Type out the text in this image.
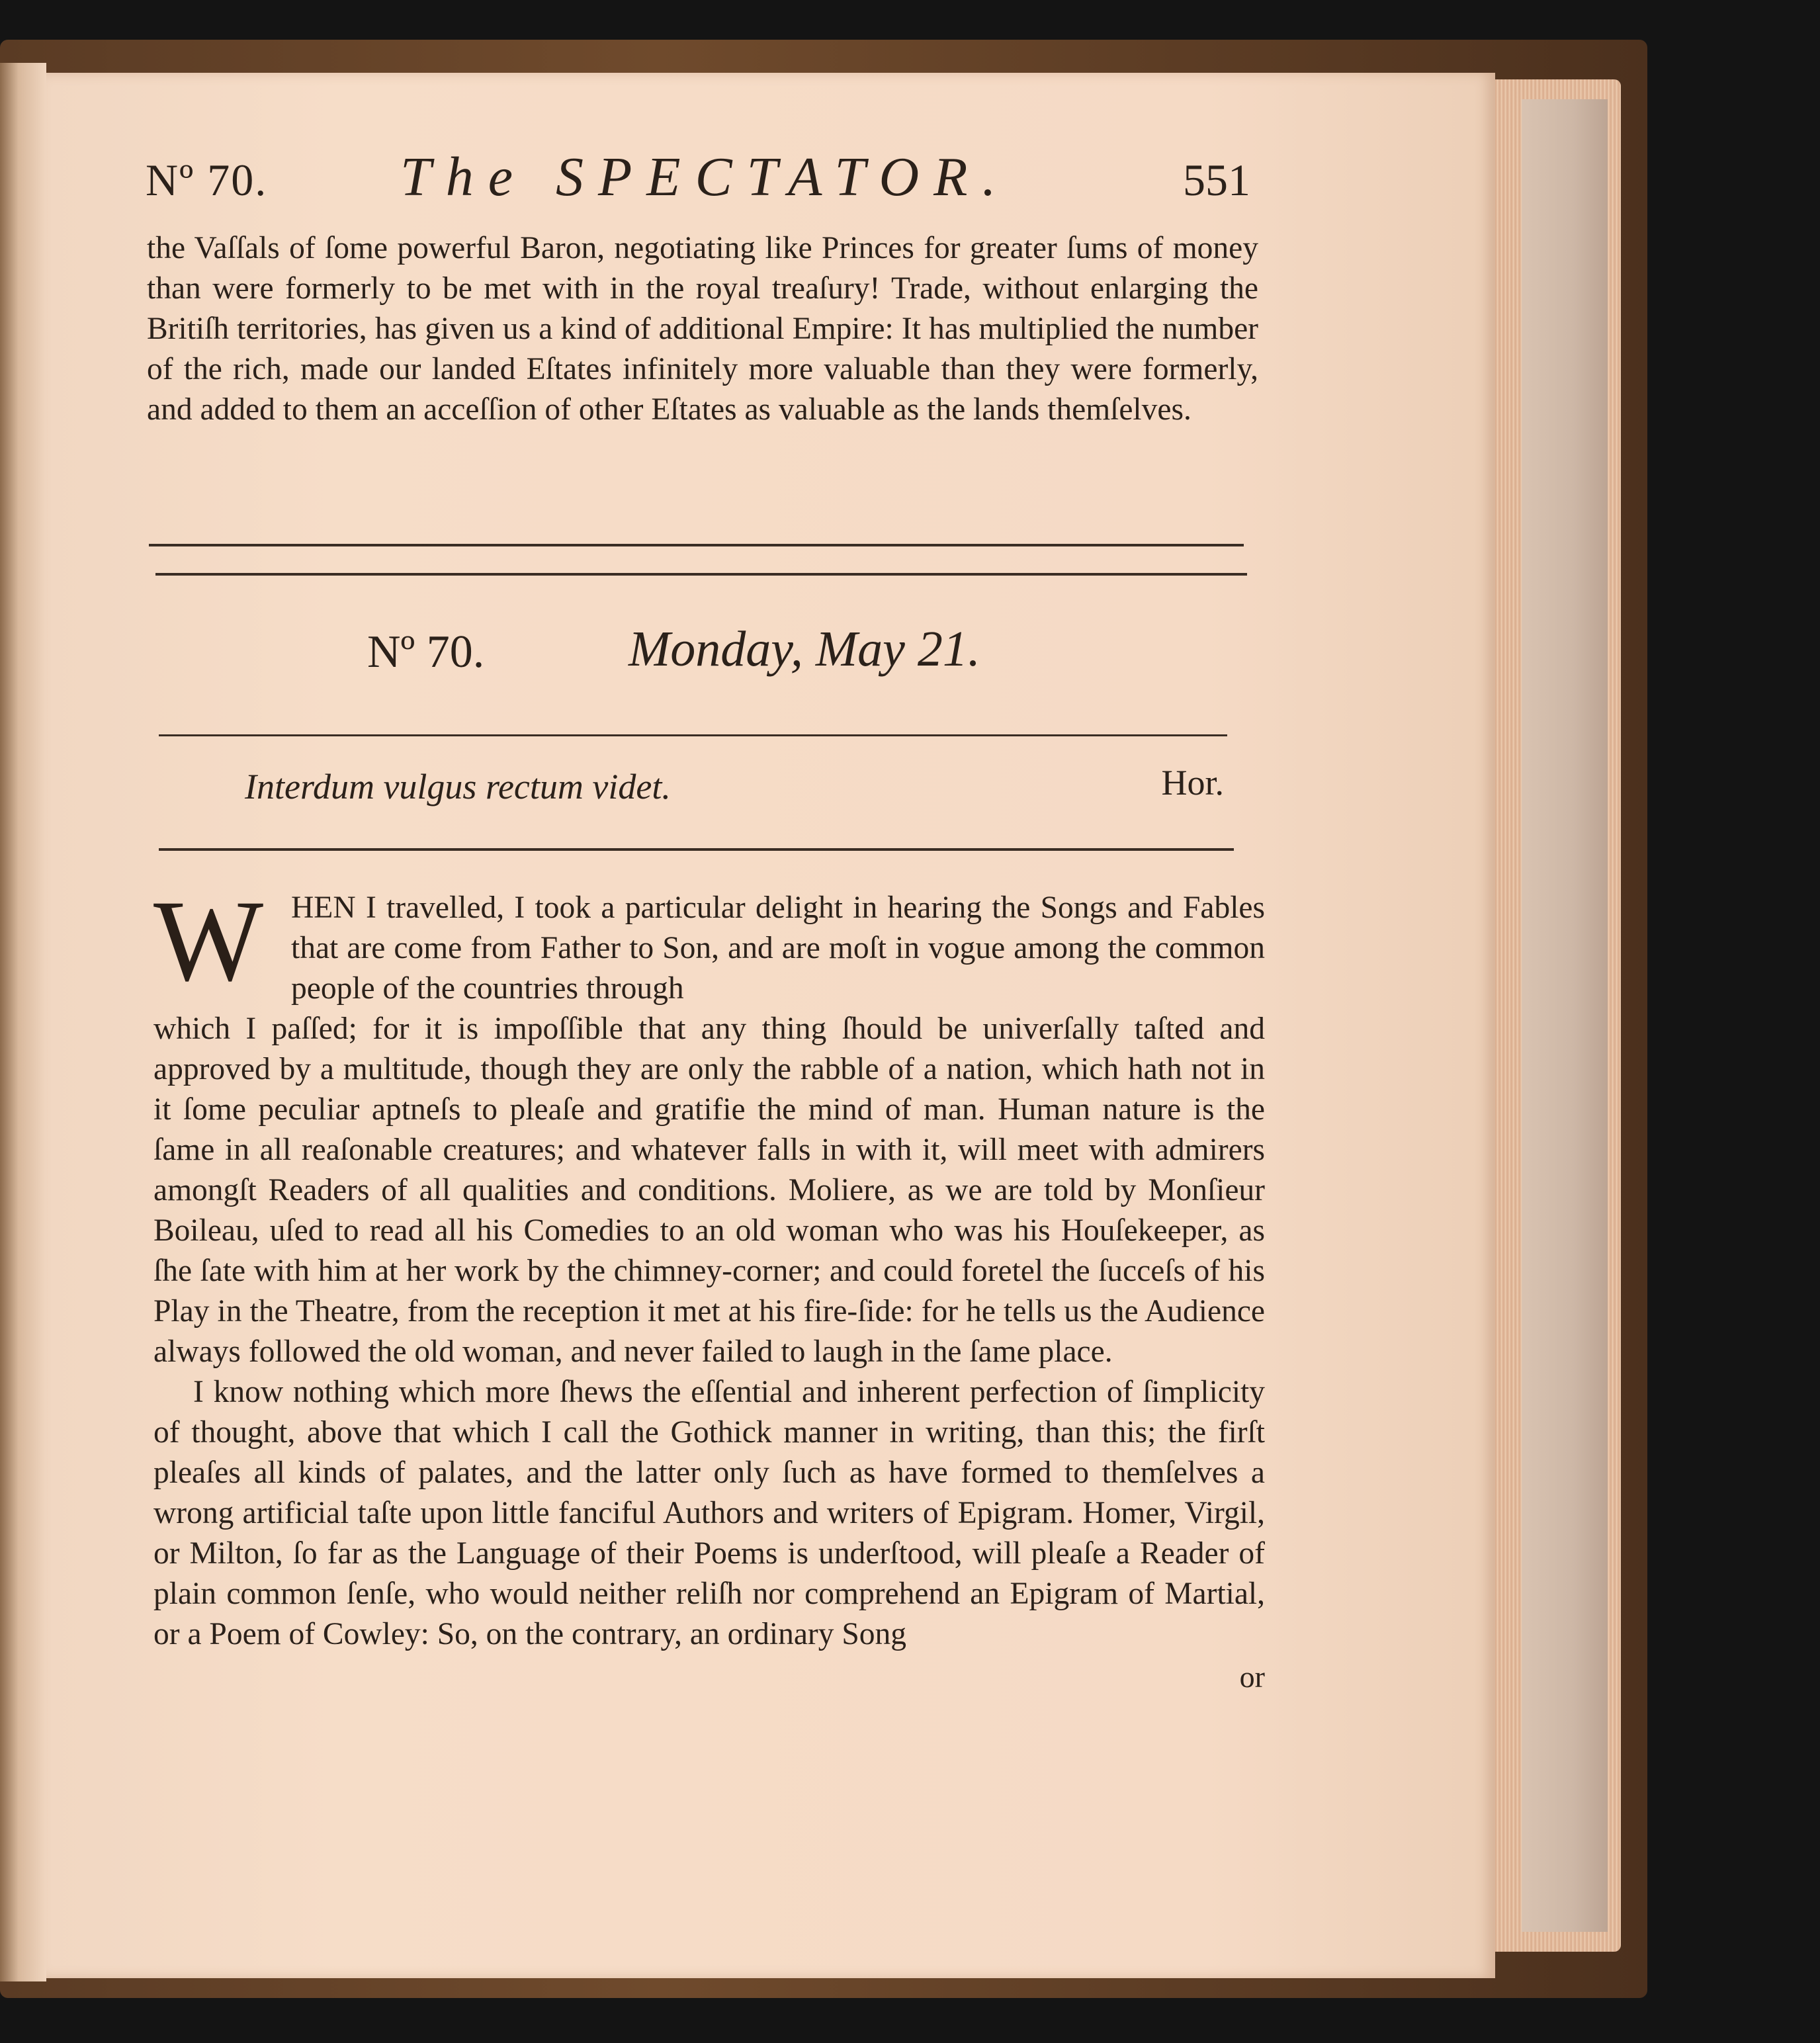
Nº 70. The SPECTATOR.	551

the Vaſſals of ſome powerful Baron, negotiating like Princes for greater ſums of money than were formerly to be met with in the royal treaſury! Trade, without enlarging the Britiſh territories, has given us a kind of additional Empire: It has multiplied the number of the rich, made our landed Eſtates infinitely more valuable than they were formerly, and added to them an acceſſion of other Eſtates as valuable as the lands themſelves.

Nº 70.	Monday, May 21.
Interdum vulgus rectum videt.	Hor.
W HEN I travelled, I took a particular delight in hearing the Songs and Fables that are come from Father to Son, and are moſt in vogue among the common people of the countries through

which I paſſed; for it is impoſſible that any thing ſhould be univerſally taſted and approved by a multitude, though they are only the rabble of a nation, which hath not in it ſome peculiar aptneſs to pleaſe and gratifie the mind of man. Human nature is the ſame in all reaſonable creatures; and whatever falls in with it, will meet with admirers amongſt Readers of all qualities and conditions. Moliere, as we are told by Monſieur Boileau, uſed to read all his Comedies to an old woman who was his Houſekeeper, as ſhe ſate with him at her work by the chimney-corner; and could foretel the ſucceſs of his Play in the Theatre, from the reception it met at his fire-ſide: for he tells us the Audience always followed the old woman, and never failed to laugh in the ſame place.

I know nothing which more ſhews the eſſential and inherent perfection of ſimplicity of thought, above that which I call the Gothick manner in writing, than this; the firſt pleaſes all kinds of palates, and the latter only ſuch as have formed to themſelves a wrong artificial taſte upon little fanciful Authors and writers of Epigram. Homer, Virgil, or Milton, ſo far as the Language of their Poems is underſtood, will pleaſe a Reader of plain common ſenſe, who would neither reliſh nor comprehend an Epigram of Martial, or a Poem of Cowley: So, on the contrary, an ordinary Song

or
